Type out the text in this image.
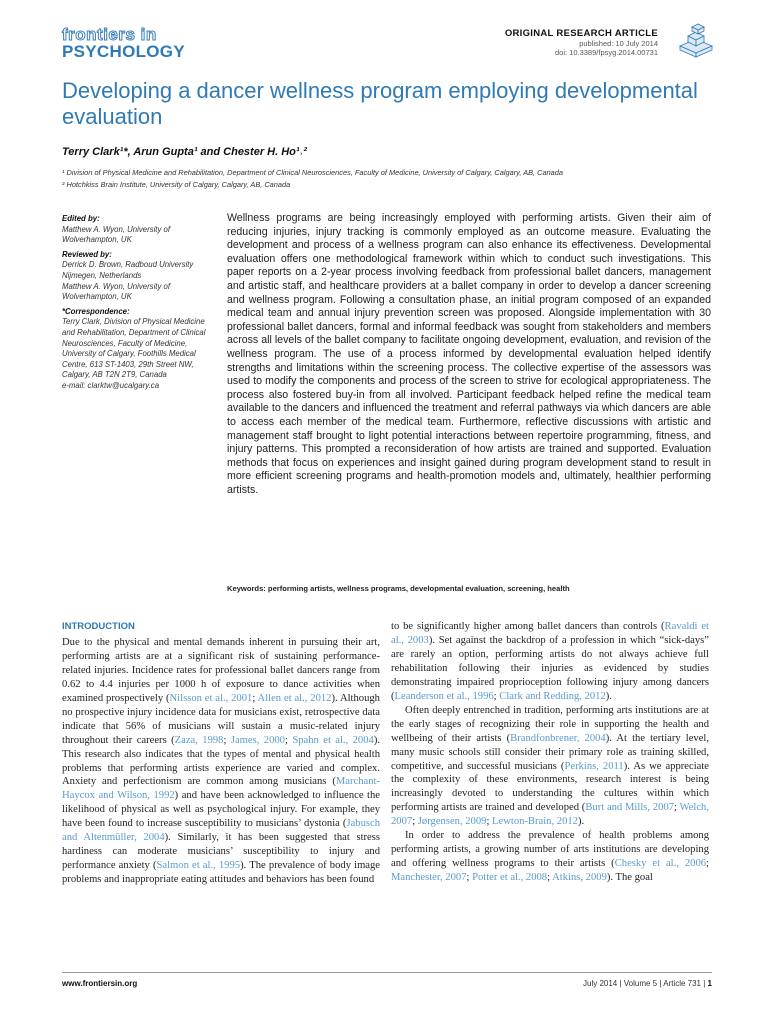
frontiers in
PSYCHOLOGY
ORIGINAL RESEARCH ARTICLE
published: 10 July 2014
doi: 10.3389/fpsyg.2014.00731
Developing a dancer wellness program employing developmental evaluation
Terry Clark¹*, Arun Gupta¹ and Chester H. Ho¹˒²
¹ Division of Physical Medicine and Rehabilitation, Department of Clinical Neurosciences, Faculty of Medicine, University of Calgary, Calgary, AB, Canada
² Hotchkiss Brain Institute, University of Calgary, Calgary, AB, Canada
Edited by:
Matthew A. Wyon, University of Wolverhampton, UK
Reviewed by:
Derrick D. Brown, Radboud University Nijmegen, Netherlands
Matthew A. Wyon, University of Wolverhampton, UK
*Correspondence:
Terry Clark, Division of Physical Medicine and Rehabilitation, Department of Clinical Neurosciences, Faculty of Medicine, University of Calgary, Foothills Medical Centre, 613 ST-1403, 29th Street NW, Calgary, AB T2N 2T9, Canada
e-mail: clarktw@ucalgary.ca
Wellness programs are being increasingly employed with performing artists. Given their aim of reducing injuries, injury tracking is commonly employed as an outcome measure. Evaluating the development and process of a wellness program can also enhance its effectiveness. Developmental evaluation offers one methodological framework within which to conduct such investigations. This paper reports on a 2-year process involving feedback from professional ballet dancers, management and artistic staff, and healthcare providers at a ballet company in order to develop a dancer screening and wellness program. Following a consultation phase, an initial program composed of an expanded medical team and annual injury prevention screen was proposed. Alongside implementation with 30 professional ballet dancers, formal and informal feedback was sought from stakeholders and members across all levels of the ballet company to facilitate ongoing development, evaluation, and revision of the wellness program. The use of a process informed by developmental evaluation helped identify strengths and limitations within the screening process. The collective expertise of the assessors was used to modify the components and process of the screen to strive for ecological appropriateness. The process also fostered buy-in from all involved. Participant feedback helped refine the medical team available to the dancers and influenced the treatment and referral pathways via which dancers are able to access each member of the medical team. Furthermore, reflective discussions with artistic and management staff brought to light potential interactions between repertoire programming, fitness, and injury patterns. This prompted a reconsideration of how artists are trained and supported. Evaluation methods that focus on experiences and insight gained during program development stand to result in more efficient screening programs and health-promotion models and, ultimately, healthier performing artists.
Keywords: performing artists, wellness programs, developmental evaluation, screening, health
INTRODUCTION

Due to the physical and mental demands inherent in pursuing their art, performing artists are at a significant risk of sustaining performance-related injuries. Incidence rates for professional ballet dancers range from 0.62 to 4.4 injuries per 1000 h of exposure to dance activities when examined prospectively (Nilsson et al., 2001; Allen et al., 2012). Although no prospective injury incidence data for musicians exist, retrospective data indicate that 56% of musicians will sustain a music-related injury throughout their careers (Zaza, 1998; James, 2000; Spahn et al., 2004). This research also indicates that the types of mental and physical health problems that performing artists experience are varied and complex. Anxiety and perfectionism are common among musicians (Marchant-Haycox and Wilson, 1992) and have been acknowledged to influence the likelihood of physical as well as psychological injury. For example, they have been found to increase susceptibility to musicians’ dystonia (Jabusch and Altenmüller, 2004). Similarly, it has been suggested that stress hardiness can moderate musicians’ susceptibility to injury and performance anxiety (Salmon et al., 1995). The prevalence of body image problems and inappropriate eating attitudes and behaviors has been found

to be significantly higher among ballet dancers than controls (Ravaldi et al., 2003). Set against the backdrop of a profession in which “sick-days” are rarely an option, performing artists do not always achieve full rehabilitation following their injuries as evidenced by studies demonstrating impaired proprioception following injury among dancers (Leanderson et al., 1996; Clark and Redding, 2012).

Often deeply entrenched in tradition, performing arts institutions are at the early stages of recognizing their role in supporting the health and wellbeing of their artists (Brandfonbrener, 2004). At the tertiary level, many music schools still consider their primary role as training skilled, competitive, and successful musicians (Perkins, 2011). As we appreciate the complexity of these environments, research interest is being increasingly devoted to understanding the cultures within which performing artists are trained and developed (Burt and Mills, 2007; Welch, 2007; Jørgensen, 2009; Lewton-Brain, 2012).

In order to address the prevalence of health problems among performing artists, a growing number of arts institutions are developing and offering wellness programs to their artists (Chesky et al., 2006; Manchester, 2007; Potter et al., 2008; Atkins, 2009). The goal

www.frontiersin.org	July 2014 | Volume 5 | Article 731 | 1
